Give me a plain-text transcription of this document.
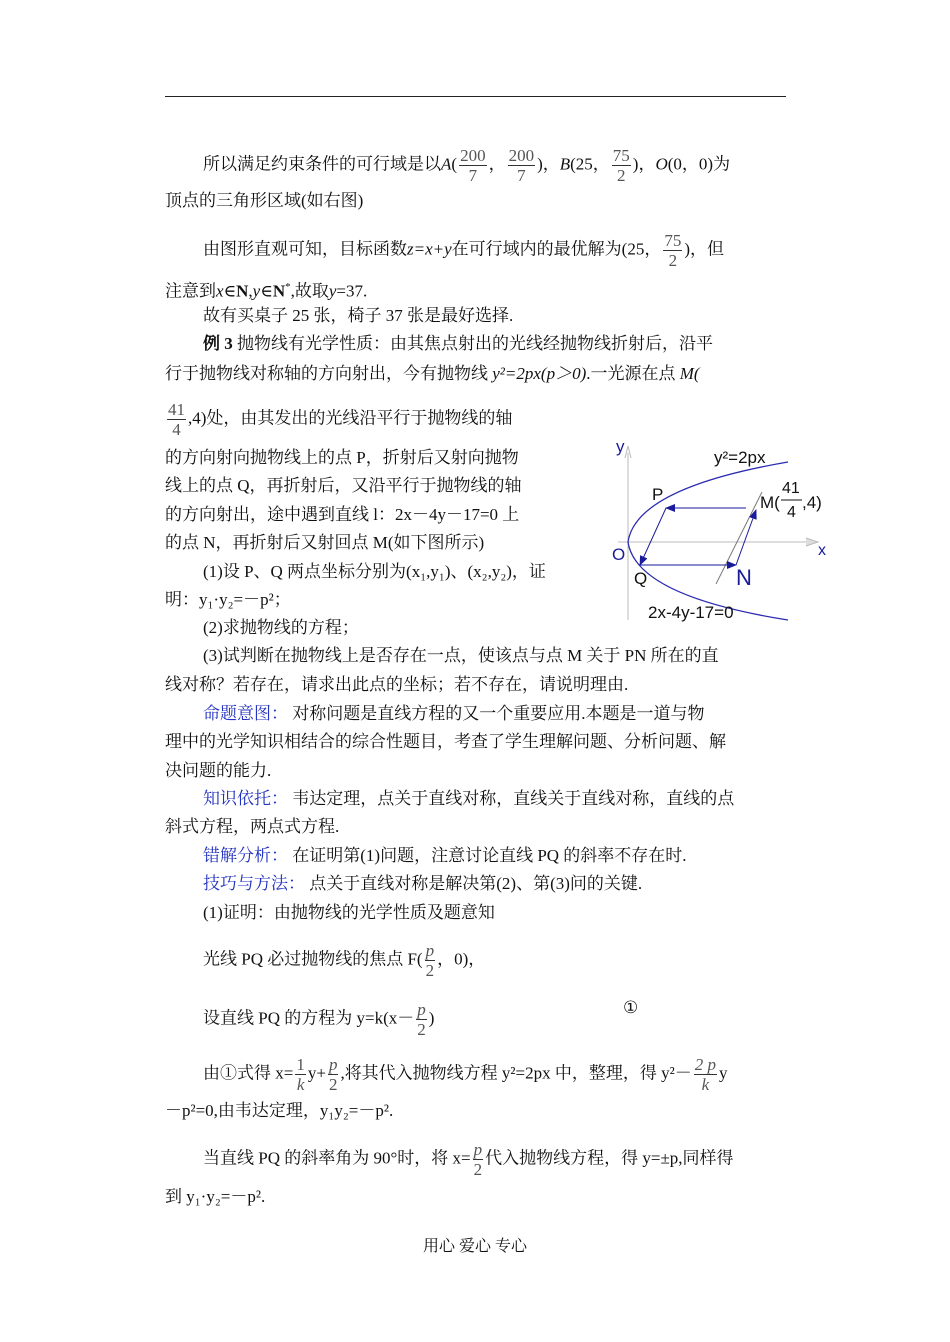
所以满足约束条件的可行域是以$A( \frac{200}{7}$ ， $\frac{200}{7}$ )，B(25， $\frac{75}{2}$ )，O(0，0)为
顶点的三角形区域(如右图)
由图形直观可知，目标函数z=x+y在可行域内的最优解为(25， $\frac{75}{2}$ )，但
注意到x∈N,y∈N*,故取y=37.
故有买桌子 25 张，椅子 37 张是最好选择.
例 3 抛物线有光学性质：由其焦点射出的光线经抛物线折射后，沿平
行于抛物线对称轴的方向射出，今有抛物线 y²=2px(p＞0).一光源在点 M(
$\frac{41}{4} ,4$)处，由其发出的光线沿平行于抛物线的轴
的方向射向抛物线上的点 P，折射后又射向抛物
线上的点 Q，再折射后，又沿平行于抛物线的轴
的方向射出，途中遇到直线 l：2x－4y－17=0 上
的点 N，再折射后又射回点 M(如下图所示)
(1)设 P、Q 两点坐标分别为(x₁,y₁)、(x₂,y₂)，证
明：y₁·y₂=－p²；
(2)求抛物线的方程；
(3)试判断在抛物线上是否存在一点，使该点与点 M 关于 PN 所在的直
线对称？若存在，请求出此点的坐标；若不存在，请说明理由.
命题意图： 对称问题是直线方程的又一个重要应用.本题是一道与物
理中的光学知识相结合的综合性题目，考查了学生理解问题、分析问题、解
决问题的能力.
知识依托： 韦达定理，点关于直线对称，直线关于直线对称，直线的点
斜式方程，两点式方程.
错解分析： 在证明第(1)问题，注意讨论直线 PQ 的斜率不存在时.
技巧与方法： 点关于直线对称是解决第(2)、第(3)问的关键.
(1)证明：由抛物线的光学性质及题意知
光线 PQ 必过抛物线的焦点 $F( \frac{p}{2}$ ，0)，
设直线 PQ 的方程为 $y=k(x- \frac{p}{2}$ )
①
由①式得 $x= \frac{1}{k} y+ \frac{p}{2}$ ,将其代入抛物线方程 y²=2px 中，整理，得 $y^2- \frac{2 p}{k}$ y
－p²=0,由韦达定理，y₁y₂=－p².
当直线 PQ 的斜率角为 90°时，将 $x= \frac{p}{2}$ 代入抛物线方程，得 y=±p,同样得
到 y₁·y₂=－p².
y
x
O
y²=2px
P
Q	N
M(
41
4
,4)
2x-4y-17=0
用心 爱心 专心
